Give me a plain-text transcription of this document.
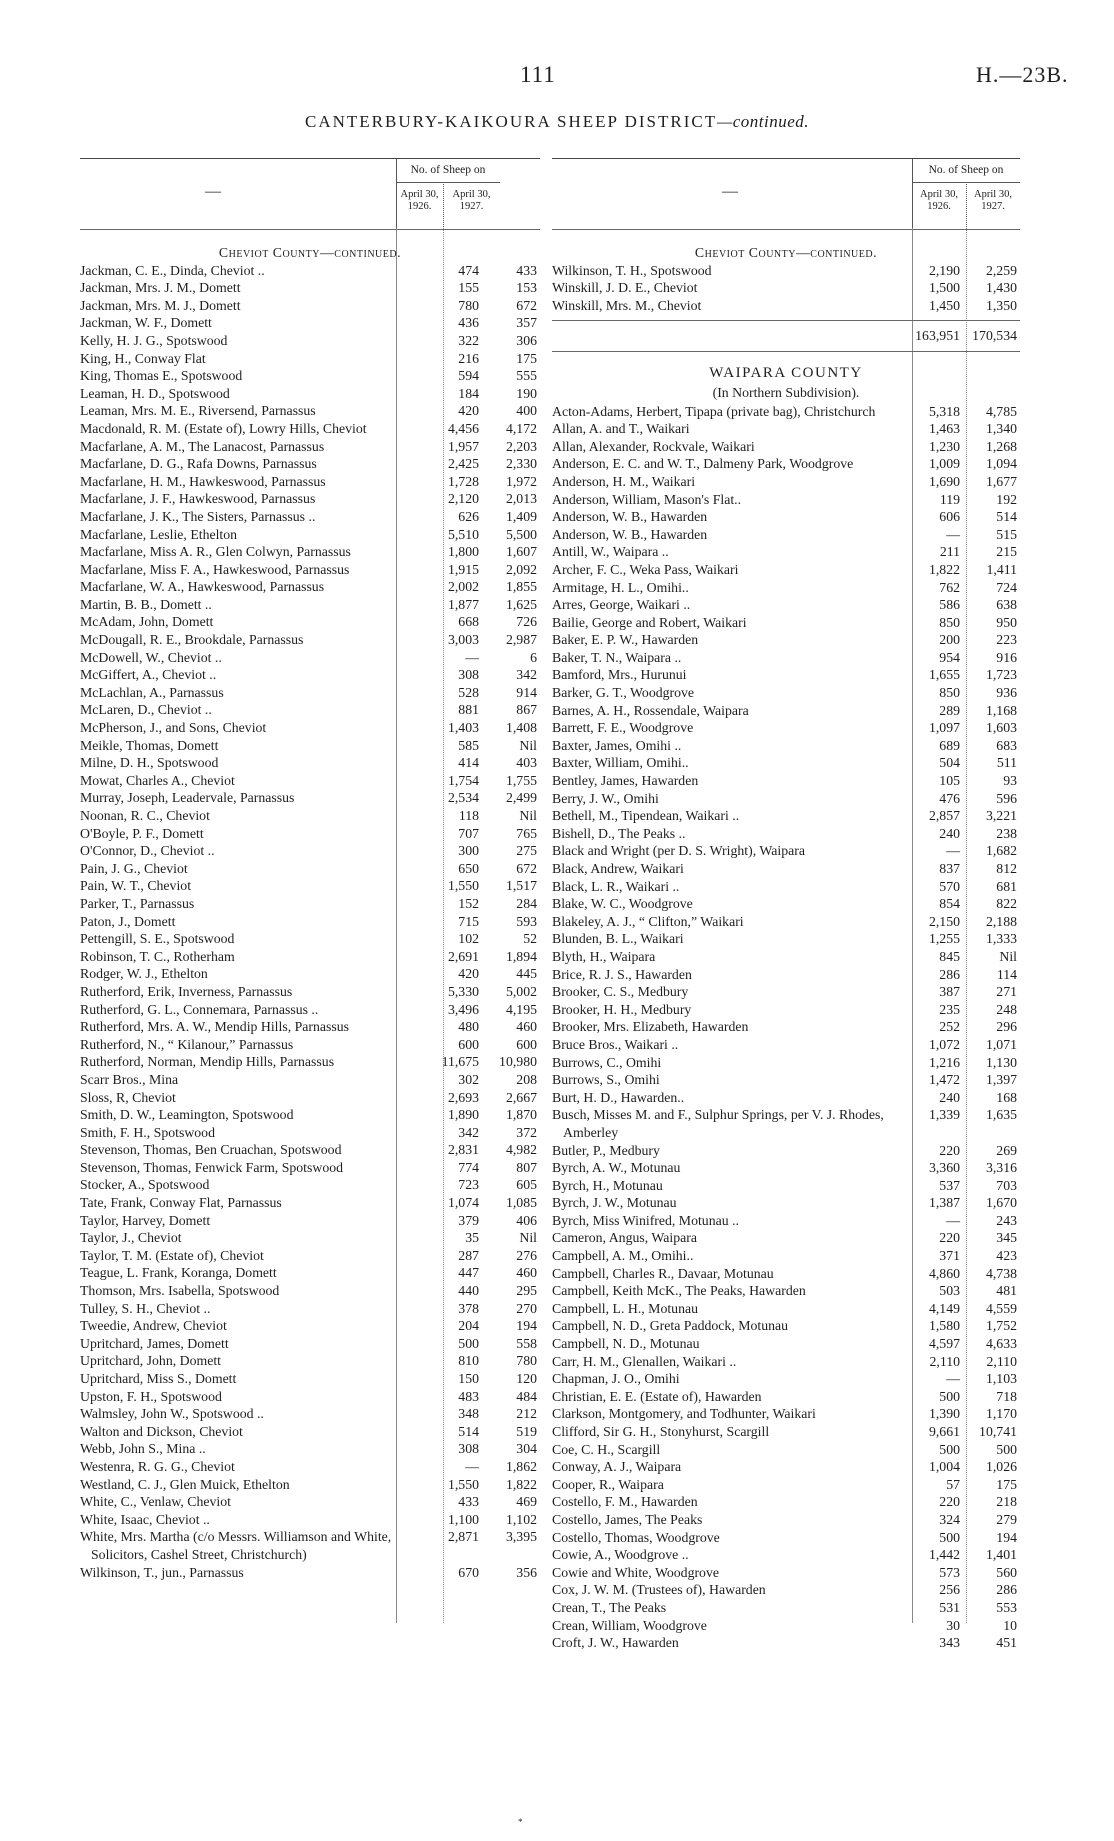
111	H.—23B.
CANTERBURY-KAIKOURA SHEEP DISTRICT—continued.
—
No. of Sheep on
April 30,
1926.
April 30,
1927.
Cheviot County—continued.
Jackman, C. E., Dinda, Cheviot ..	474	433
Jackman, Mrs. J. M., Domett	155	153
Jackman, Mrs. M. J., Domett	780	672
Jackman, W. F., Domett	436	357
Kelly, H. J. G., Spotswood	322	306
King, H., Conway Flat	216	175
King, Thomas E., Spotswood	594	555
Leaman, H. D., Spotswood	184	190
Leaman, Mrs. M. E., Riversend, Parnassus	420	400
Macdonald, R. M. (Estate of), Lowry Hills, Cheviot	4,456	4,172
Macfarlane, A. M., The Lanacost, Parnassus	1,957	2,203
Macfarlane, D. G., Rafa Downs, Parnassus	2,425	2,330
Macfarlane, H. M., Hawkeswood, Parnassus	1,728	1,972
Macfarlane, J. F., Hawkeswood, Parnassus	2,120	2,013
Macfarlane, J. K., The Sisters, Parnassus ..	626	1,409
Macfarlane, Leslie, Ethelton	5,510	5,500
Macfarlane, Miss A. R., Glen Colwyn, Parnassus	1,800	1,607
Macfarlane, Miss F. A., Hawkeswood, Parnassus	1,915	2,092
Macfarlane, W. A., Hawkeswood, Parnassus	2,002	1,855
Martin, B. B., Domett ..	1,877	1,625
McAdam, John, Domett	668	726
McDougall, R. E., Brookdale, Parnassus	3,003	2,987
McDowell, W., Cheviot ..	—	6
McGiffert, A., Cheviot ..	308	342
McLachlan, A., Parnassus	528	914
McLaren, D., Cheviot ..	881	867
McPherson, J., and Sons, Cheviot	1,403	1,408
Meikle, Thomas, Domett	585	Nil
Milne, D. H., Spotswood	414	403
Mowat, Charles A., Cheviot	1,754	1,755
Murray, Joseph, Leadervale, Parnassus	2,534	2,499
Noonan, R. C., Cheviot	118	Nil
O'Boyle, P. F., Domett	707	765
O'Connor, D., Cheviot ..	300	275
Pain, J. G., Cheviot	650	672
Pain, W. T., Cheviot	1,550	1,517
Parker, T., Parnassus	152	284
Paton, J., Domett	715	593
Pettengill, S. E., Spotswood	102	52
Robinson, T. C., Rotherham	2,691	1,894
Rodger, W. J., Ethelton	420	445
Rutherford, Erik, Inverness, Parnassus	5,330	5,002
Rutherford, G. L., Connemara, Parnassus ..	3,496	4,195
Rutherford, Mrs. A. W., Mendip Hills, Parnassus	480	460
Rutherford, N., “ Kilanour,” Parnassus	600	600
Rutherford, Norman, Mendip Hills, Parnassus	11,675	10,980
Scarr Bros., Mina	302	208
Sloss, R, Cheviot	2,693	2,667
Smith, D. W., Leamington, Spotswood	1,890	1,870
Smith, F. H., Spotswood	342	372
Stevenson, Thomas, Ben Cruachan, Spotswood	2,831	4,982
Stevenson, Thomas, Fenwick Farm, Spotswood	774	807
Stocker, A., Spotswood	723	605
Tate, Frank, Conway Flat, Parnassus	1,074	1,085
Taylor, Harvey, Domett	379	406
Taylor, J., Cheviot	35	Nil
Taylor, T. M. (Estate of), Cheviot	287	276
Teague, L. Frank, Koranga, Domett	447	460
Thomson, Mrs. Isabella, Spotswood	440	295
Tulley, S. H., Cheviot ..	378	270
Tweedie, Andrew, Cheviot	204	194
Upritchard, James, Domett	500	558
Upritchard, John, Domett	810	780
Upritchard, Miss S., Domett	150	120
Upston, F. H., Spotswood	483	484
Walmsley, John W., Spotswood ..	348	212
Walton and Dickson, Cheviot	514	519
Webb, John S., Mina ..	308	304
Westenra, R. G. G., Cheviot	—	1,862
Westland, C. J., Glen Muick, Ethelton	1,550	1,822
White, C., Venlaw, Cheviot	433	469
White, Isaac, Cheviot ..	1,100	1,102
White, Mrs. Martha (c/o Messrs. Williamson and White, Solicitors, Cashel Street, Christchurch)
2,871	3,395
Wilkinson, T., jun., Parnassus	670	356
—
No. of Sheep on
April 30,
1926.
April 30,
1927.
Cheviot County—continued.
Wilkinson, T. H., Spotswood	2,190	2,259
Winskill, J. D. E., Cheviot	1,500	1,430
Winskill, Mrs. M., Cheviot	1,450	1,350
163,951 170,534
WAIPARA COUNTY
(In Northern Subdivision).
Acton-Adams, Herbert, Tipapa (private bag), Christchurch	5,318	4,785
Allan, A. and T., Waikari	1,463	1,340
Allan, Alexander, Rockvale, Waikari	1,230	1,268
Anderson, E. C. and W. T., Dalmeny Park, Woodgrove	1,009	1,094
Anderson, H. M., Waikari	1,690	1,677
Anderson, William, Mason's Flat..	119	192
Anderson, W. B., Hawarden	606	514
Anderson, W. B., Hawarden	—	515
Antill, W., Waipara ..	211	215
Archer, F. C., Weka Pass, Waikari	1,822	1,411
Armitage, H. L., Omihi..	762	724
Arres, George, Waikari ..	586	638
Bailie, George and Robert, Waikari	850	950
Baker, E. P. W., Hawarden	200	223
Baker, T. N., Waipara ..	954	916
Bamford, Mrs., Hurunui	1,655	1,723
Barker, G. T., Woodgrove	850	936
Barnes, A. H., Rossendale, Waipara	289	1,168
Barrett, F. E., Woodgrove	1,097	1,603
Baxter, James, Omihi ..	689	683
Baxter, William, Omihi..	504	511
Bentley, James, Hawarden	105	93
Berry, J. W., Omihi	476	596
Bethell, M., Tipendean, Waikari ..	2,857	3,221
Bishell, D., The Peaks ..	240	238
Black and Wright (per D. S. Wright), Waipara	—	1,682
Black, Andrew, Waikari	837	812
Black, L. R., Waikari ..	570	681
Blake, W. C., Woodgrove	854	822
Blakeley, A. J., “ Clifton,” Waikari	2,150	2,188
Blunden, B. L., Waikari	1,255	1,333
Blyth, H., Waipara	845	Nil
Brice, R. J. S., Hawarden	286	114
Brooker, C. S., Medbury	387	271
Brooker, H. H., Medbury	235	248
Brooker, Mrs. Elizabeth, Hawarden	252	296
Bruce Bros., Waikari ..	1,072	1,071
Burrows, C., Omihi	1,216	1,130
Burrows, S., Omihi	1,472	1,397
Burt, H. D., Hawarden..	240	168
Busch, Misses M. and F., Sulphur Springs, per V. J. Rhodes, Amberley
1,339	1,635
Butler, P., Medbury	220	269
Byrch, A. W., Motunau	3,360	3,316
Byrch, H., Motunau	537	703
Byrch, J. W., Motunau	1,387	1,670
Byrch, Miss Winifred, Motunau ..	—	243
Cameron, Angus, Waipara	220	345
Campbell, A. M., Omihi..	371	423
Campbell, Charles R., Davaar, Motunau	4,860	4,738
Campbell, Keith McK., The Peaks, Hawarden	503	481
Campbell, L. H., Motunau	4,149	4,559
Campbell, N. D., Greta Paddock, Motunau	1,580	1,752
Campbell, N. D., Motunau	4,597	4,633
Carr, H. M., Glenallen, Waikari ..	2,110	2,110
Chapman, J. O., Omihi	—	1,103
Christian, E. E. (Estate of), Hawarden	500	718
Clarkson, Montgomery, and Todhunter, Waikari	1,390	1,170
Clifford, Sir G. H., Stonyhurst, Scargill	9,661	10,741
Coe, C. H., Scargill	500	500
Conway, A. J., Waipara	1,004	1,026
Cooper, R., Waipara	57	175
Costello, F. M., Hawarden	220	218
Costello, James, The Peaks	324	279
Costello, Thomas, Woodgrove	500	194
Cowie, A., Woodgrove ..	1,442	1,401
Cowie and White, Woodgrove	573	560
Cox, J. W. M. (Trustees of), Hawarden	256	286
Crean, T., The Peaks	531	553
Crean, William, Woodgrove	30	10
Croft, J. W., Hawarden	343	451
*
